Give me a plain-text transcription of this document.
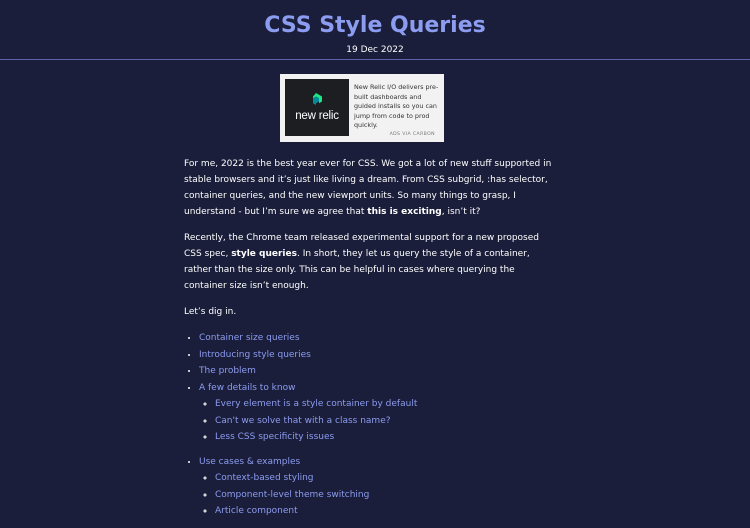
CSS Style Queries
19 Dec 2022
new relic
New Relic I/O delivers pre-built dashboards and guided installs so you can jump from code to prod quickly.
ADS VIA CARBON

For me, 2022 is the best year ever for CSS. We got a lot of new stuff supported in stable browsers and it’s just like living a dream. From CSS subgrid, :has selector, container queries, and the new viewport units. So many things to grasp, I understand - but I’m sure we agree that this is exciting, isn’t it?

Recently, the Chrome team released experimental support for a new proposed CSS spec, style queries. In short, they let us query the style of a container, rather than the size only. This can be helpful in cases where querying the container size isn’t enough.

Let’s dig in.

• Container size queries
• Introducing style queries
• The problem
• A few details to know
◦ Every element is a style container by default
◦ Can't we solve that with a class name?
◦ Less CSS specificity issues
• Use cases & examples
◦ Context-based styling
◦ Component-level theme switching
◦ Article component
